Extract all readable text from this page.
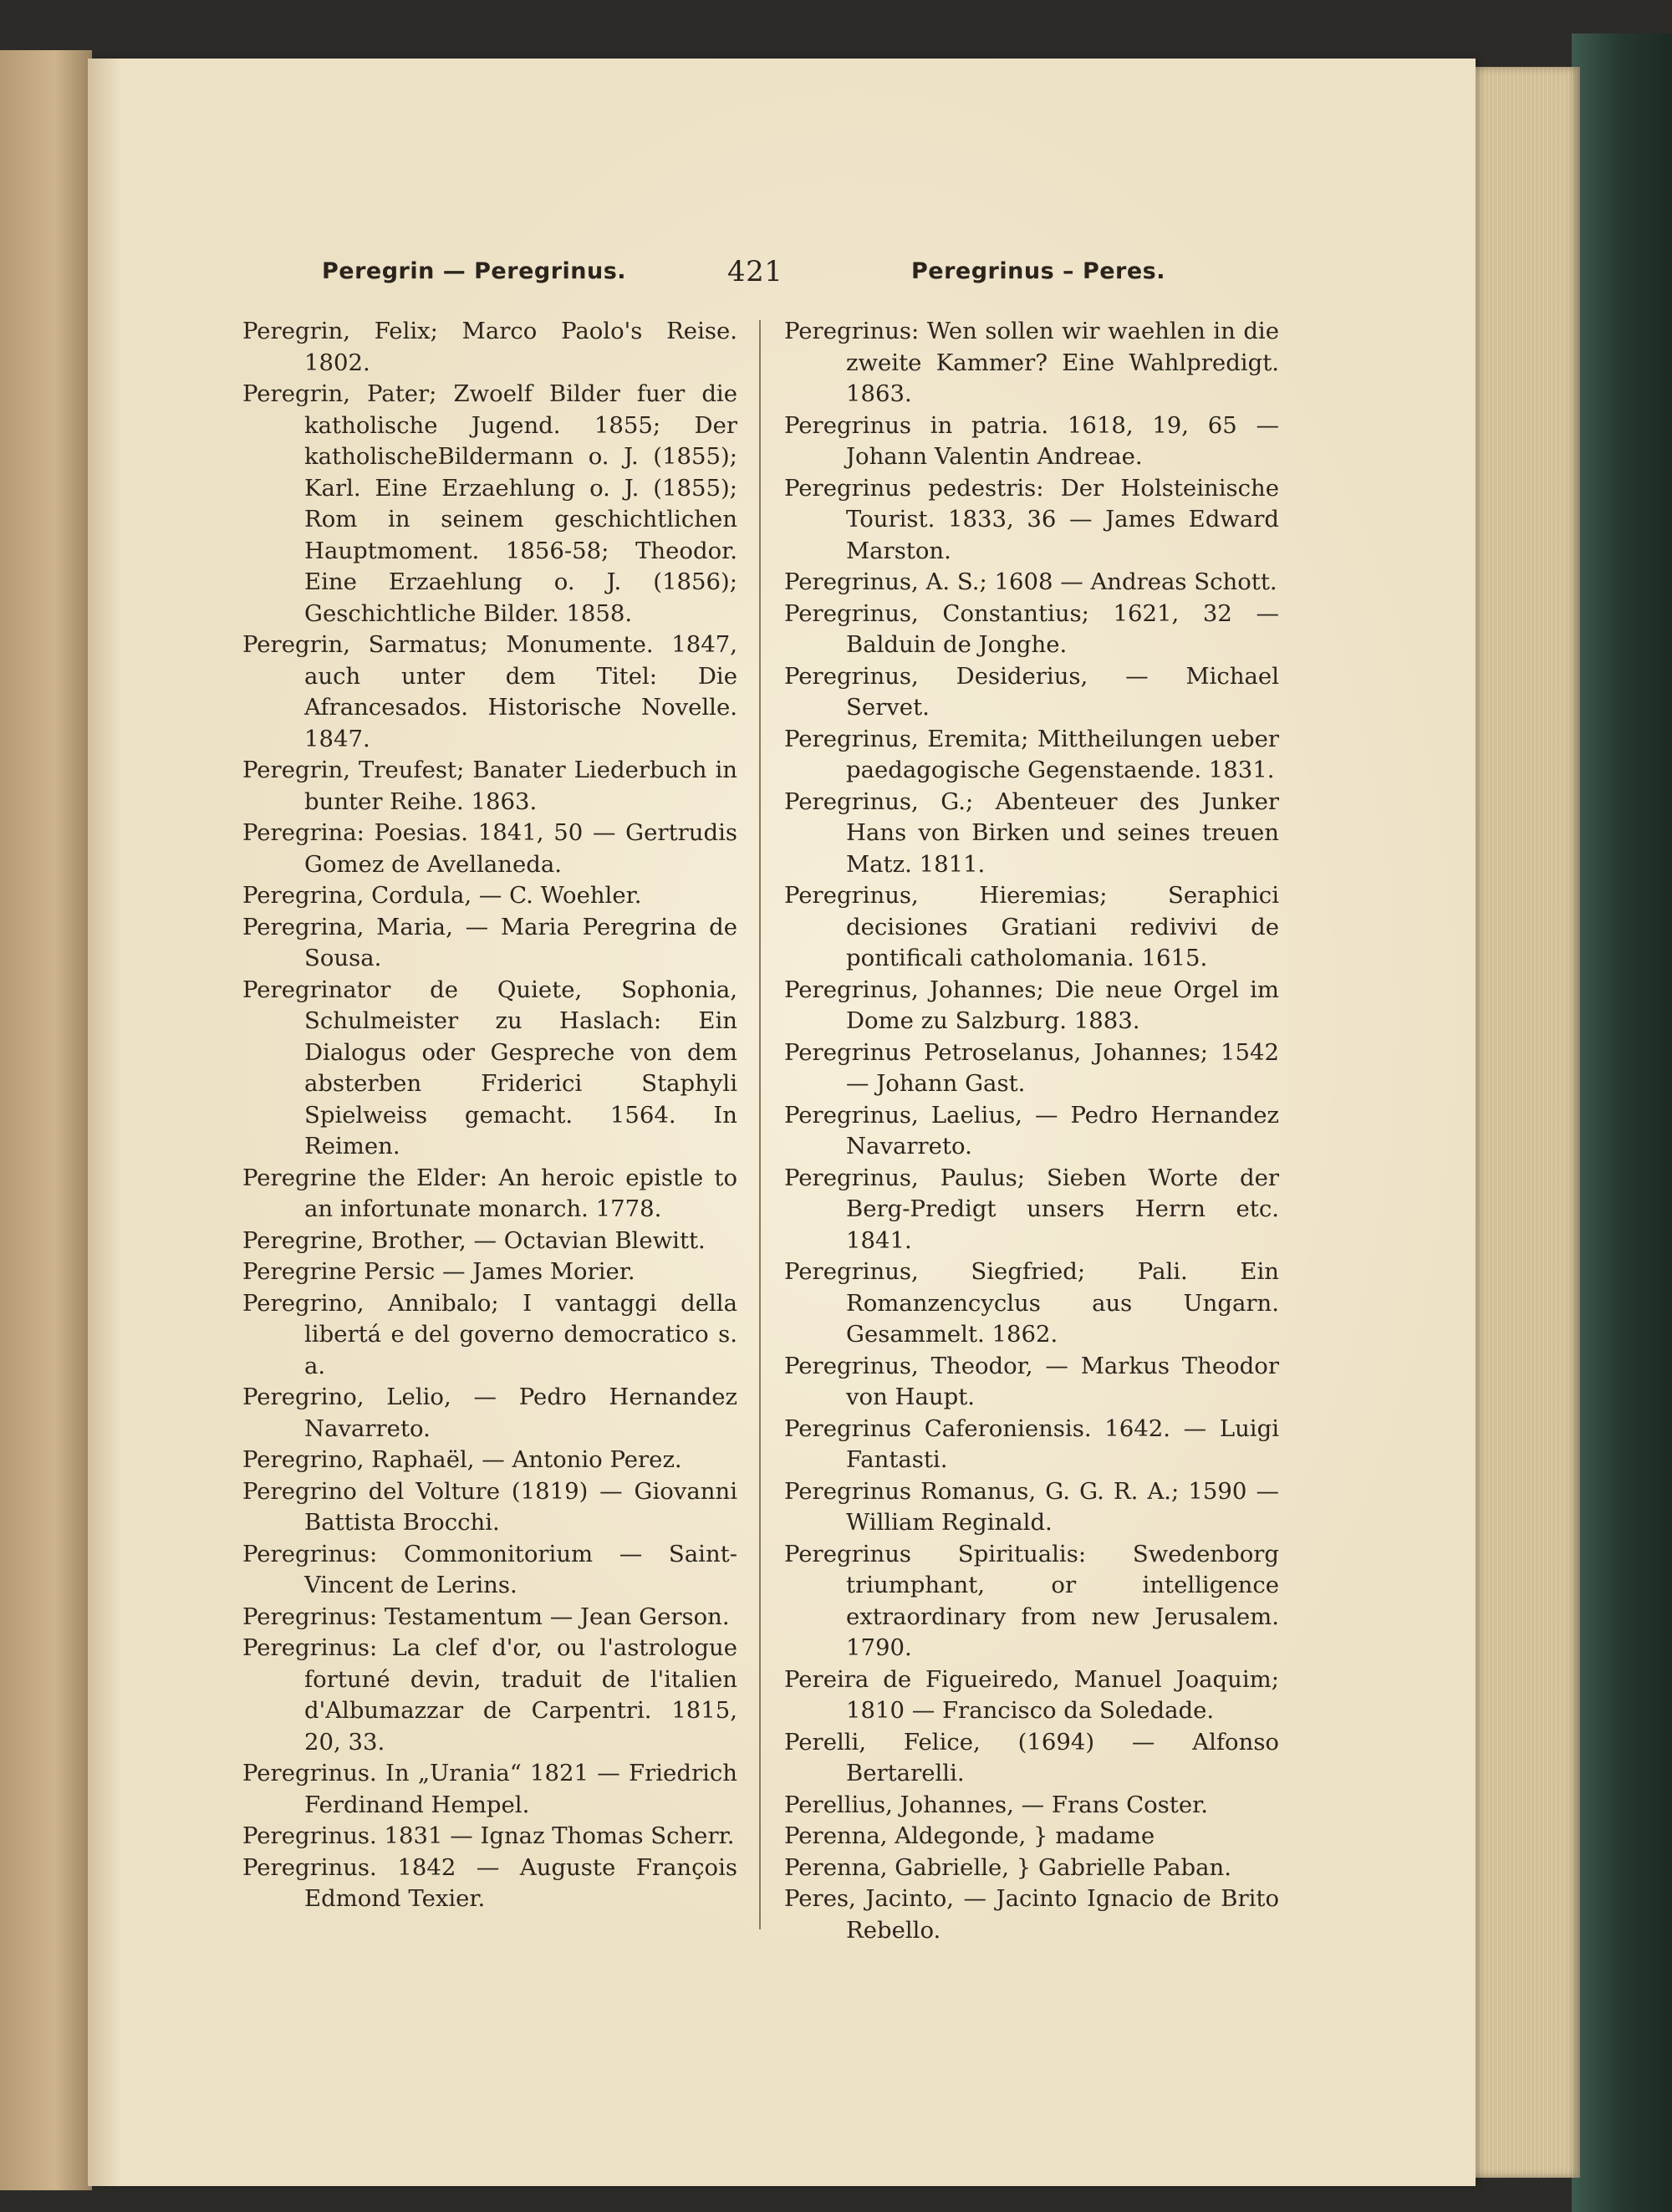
Peregrin — Peregrinus.	421	Peregrinus – Peres.
Peregrin, Felix; Marco Paolo's Reise. 1802.
Peregrin, Pater; Zwoelf Bilder fuer die katholische Jugend. 1855; Der katholischeBildermann o. J. (1855); Karl. Eine Erzaehlung o. J. (1855); Rom in seinem geschichtlichen Hauptmoment. 1856-58; Theodor. Eine Erzaehlung o. J. (1856); Geschichtliche Bilder. 1858.
Peregrin, Sarmatus; Monumente. 1847, auch unter dem Titel: Die Afrancesados. Historische Novelle. 1847.
Peregrin, Treufest; Banater Liederbuch in bunter Reihe. 1863.
Peregrina: Poesias. 1841, 50 — Gertrudis Gomez de Avellaneda.
Peregrina, Cordula, — C. Woehler.
Peregrina, Maria, — Maria Peregrina de Sousa.
Peregrinator de Quiete, Sophonia, Schulmeister zu Haslach: Ein Dialogus oder Gespreche von dem absterben Friderici Staphyli Spielweiss gemacht. 1564. In Reimen.
Peregrine the Elder: An heroic epistle to an infortunate monarch. 1778.
Peregrine, Brother, — Octavian Blewitt.
Peregrine Persic — James Morier.
Peregrino, Annibalo; I vantaggi della libertá e del governo democratico s. a.
Peregrino, Lelio, — Pedro Hernandez Navarreto.
Peregrino, Raphaël, — Antonio Perez.
Peregrino del Volture (1819) — Giovanni Battista Brocchi.
Peregrinus: Commonitorium — Saint-Vincent de Lerins.
Peregrinus: Testamentum — Jean Gerson.
Peregrinus: La clef d'or, ou l'astrologue fortuné devin, traduit de l'italien d'Albumazzar de Carpentri. 1815, 20, 33.
Peregrinus. In „Urania“ 1821 — Friedrich Ferdinand Hempel.
Peregrinus. 1831 — Ignaz Thomas Scherr.
Peregrinus. 1842 — Auguste François Edmond Texier.
Peregrinus: Wen sollen wir waehlen in die zweite Kammer? Eine Wahlpredigt. 1863.
Peregrinus in patria. 1618, 19, 65 — Johann Valentin Andreae.
Peregrinus pedestris: Der Holsteinische Tourist. 1833, 36 — James Edward Marston.
Peregrinus, A. S.; 1608 — Andreas Schott.
Peregrinus, Constantius; 1621, 32 — Balduin de Jonghe.
Peregrinus, Desiderius, — Michael Servet.
Peregrinus, Eremita; Mittheilungen ueber paedagogische Gegenstaende. 1831.
Peregrinus, G.; Abenteuer des Junker Hans von Birken und seines treuen Matz. 1811.
Peregrinus, Hieremias; Seraphici decisiones Gratiani redivivi de pontificali catholomania. 1615.
Peregrinus, Johannes; Die neue Orgel im Dome zu Salzburg. 1883.
Peregrinus Petroselanus, Johannes; 1542 — Johann Gast.
Peregrinus, Laelius, — Pedro Hernandez Navarreto.
Peregrinus, Paulus; Sieben Worte der Berg-Predigt unsers Herrn etc. 1841.
Peregrinus, Siegfried; Pali. Ein Romanzencyclus aus Ungarn. Gesammelt. 1862.
Peregrinus, Theodor, — Markus Theodor von Haupt.
Peregrinus Caferoniensis. 1642. — Luigi Fantasti.
Peregrinus Romanus, G. G. R. A.; 1590 — William Reginald.
Peregrinus Spiritualis: Swedenborg triumphant, or intelligence extraordinary from new Jerusalem. 1790.
Pereira de Figueiredo, Manuel Joaquim; 1810 — Francisco da Soledade.
Perelli, Felice, (1694) — Alfonso Bertarelli.
Perellius, Johannes, — Frans Coster.
Perenna, Aldegonde, } madame
Perenna, Gabrielle, } Gabrielle Paban.
Peres, Jacinto, — Jacinto Ignacio de Brito Rebello.
